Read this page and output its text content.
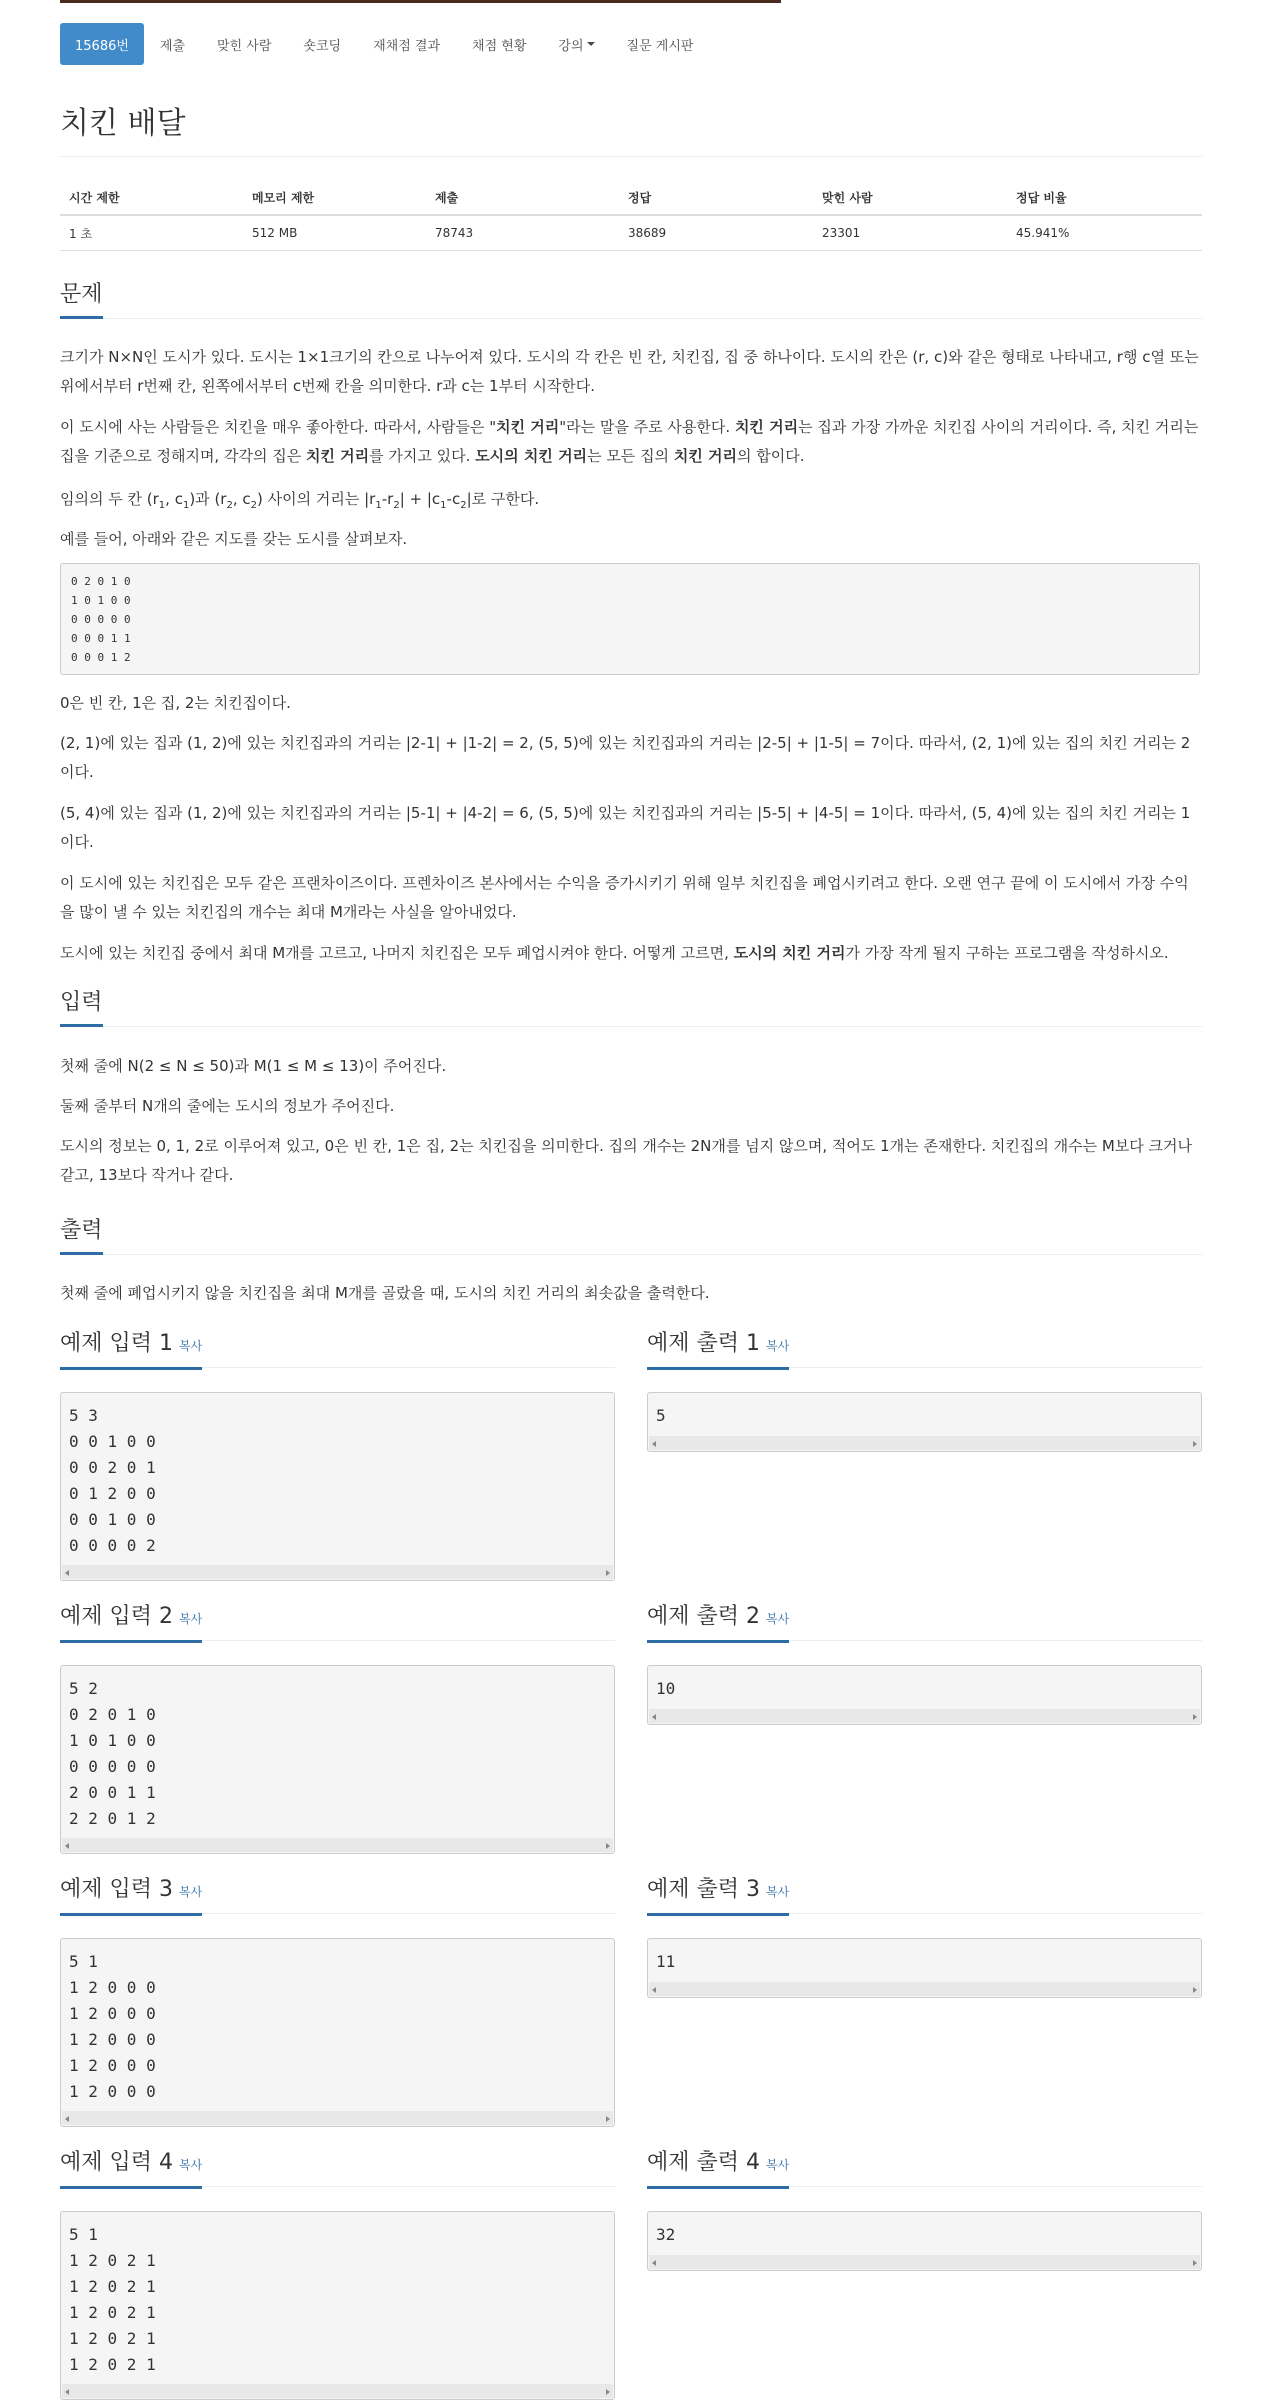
15686번	제출	맞힌 사람	숏코딩	재채점 결과	채점 현황	강의	질문 게시판
치킨 배달
시간 제한	메모리 제한	제출	정답	맞힌 사람	정답 비율
1 초	512 MB	78743	38689	23301	45.941%
문제

크기가 N×N인 도시가 있다. 도시는 1×1크기의 칸으로 나누어져 있다. 도시의 각 칸은 빈 칸, 치킨집, 집 중 하나이다. 도시의 칸은 (r, c)와 같은 형태로 나타내고, r행 c열 또는 위에서부터 r번째 칸, 왼쪽에서부터 c번째 칸을 의미한다. r과 c는 1부터 시작한다.

이 도시에 사는 사람들은 치킨을 매우 좋아한다. 따라서, 사람들은 "치킨 거리"라는 말을 주로 사용한다. 치킨 거리는 집과 가장 가까운 치킨집 사이의 거리이다. 즉, 치킨 거리는 집을 기준으로 정해지며, 각각의 집은 치킨 거리를 가지고 있다. 도시의 치킨 거리는 모든 집의 치킨 거리의 합이다.

임의의 두 칸 ($r_1$, $c_1$)과 ($r_2$, $c_2$) 사이의 거리는 $|r_1-r_2| + |c_1-c_2|$로 구한다.

예를 들어, 아래와 같은 지도를 갖는 도시를 살펴보자.

0 2 0 1 0
1 0 1 0 0
0 0 0 0 0
0 0 0 1 1
0 0 0 1 2

0은 빈 칸, 1은 집, 2는 치킨집이다.

(2, 1)에 있는 집과 (1, 2)에 있는 치킨집과의 거리는 |2-1| + |1-2| = 2, (5, 5)에 있는 치킨집과의 거리는 |2-5| + |1-5| = 7이다. 따라서, (2, 1)에 있는 집의 치킨 거리는 2이다.

(5, 4)에 있는 집과 (1, 2)에 있는 치킨집과의 거리는 |5-1| + |4-2| = 6, (5, 5)에 있는 치킨집과의 거리는 |5-5| + |4-5| = 1이다. 따라서, (5, 4)에 있는 집의 치킨 거리는 1이다.

이 도시에 있는 치킨집은 모두 같은 프랜차이즈이다. 프렌차이즈 본사에서는 수익을 증가시키기 위해 일부 치킨집을 폐업시키려고 한다. 오랜 연구 끝에 이 도시에서 가장 수익을 많이 낼 수 있는 치킨집의 개수는 최대 M개라는 사실을 알아내었다.

도시에 있는 치킨집 중에서 최대 M개를 고르고, 나머지 치킨집은 모두 폐업시켜야 한다. 어떻게 고르면, 도시의 치킨 거리가 가장 작게 될지 구하는 프로그램을 작성하시오.

입력

첫째 줄에 N(2 ≤ N ≤ 50)과 M(1 ≤ M ≤ 13)이 주어진다.

둘째 줄부터 N개의 줄에는 도시의 정보가 주어진다.

도시의 정보는 0, 1, 2로 이루어져 있고, 0은 빈 칸, 1은 집, 2는 치킨집을 의미한다. 집의 개수는 2N개를 넘지 않으며, 적어도 1개는 존재한다. 치킨집의 개수는 M보다 크거나 같고, 13보다 작거나 같다.

출력

첫째 줄에 폐업시키지 않을 치킨집을 최대 M개를 골랐을 때, 도시의 치킨 거리의 최솟값을 출력한다.

예제 입력 1 복사	예제 출력 1 복사
5 3
0 0 1 0 0
0 0 2 0 1
0 1 2 0 0
0 0 1 0 0
0 0 0 0 2
5
예제 입력 2 복사	예제 출력 2 복사
5 2
0 2 0 1 0
1 0 1 0 0
0 0 0 0 0
2 0 0 1 1
2 2 0 1 2
10
예제 입력 3 복사	예제 출력 3 복사
5 1
1 2 0 0 0
1 2 0 0 0
1 2 0 0 0
1 2 0 0 0
1 2 0 0 0
11
예제 입력 4 복사	예제 출력 4 복사
5 1
1 2 0 2 1
1 2 0 2 1
1 2 0 2 1
1 2 0 2 1
1 2 0 2 1
32
